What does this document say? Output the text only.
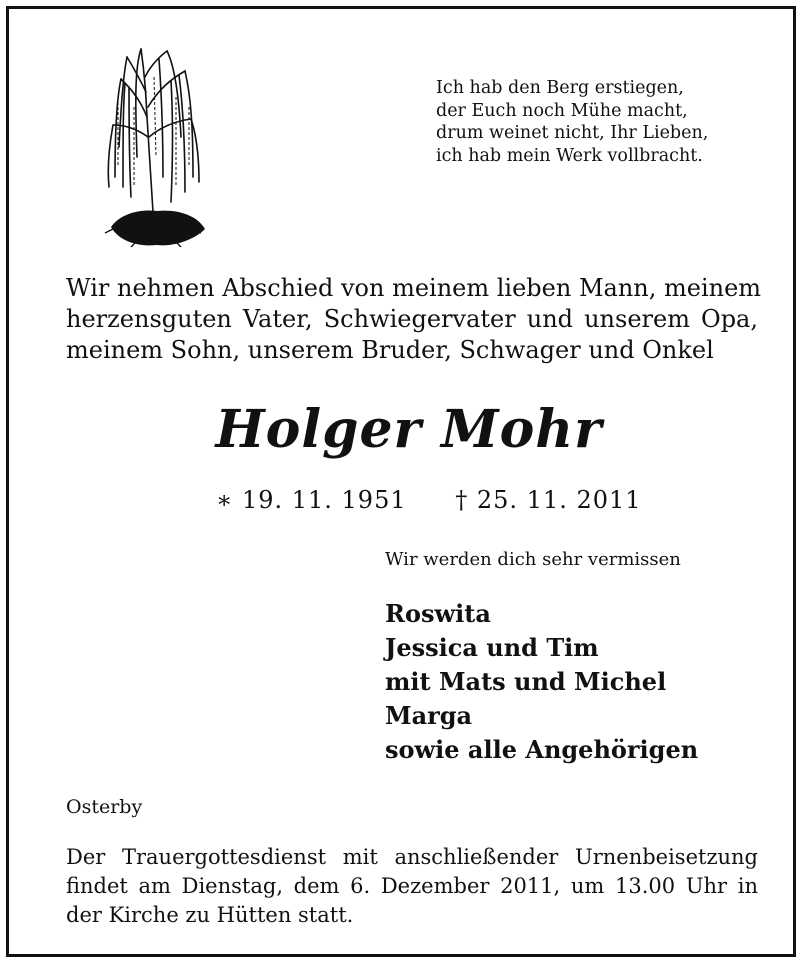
Ich hab den Berg erstiegen,
der Euch noch Mühe macht,
drum weinet nicht, Ihr Lieben,
ich hab mein Werk vollbracht.
Wir nehmen Abschied von meinem lieben Mann, meinem
herzensguten Vater, Schwiegervater und unserem Opa,
meinem Sohn, unserem Bruder, Schwager und Onkel
Holger Mohr
∗ 19. 11. 1951 † 25. 11. 2011
Wir werden dich sehr vermissen
Roswita
Jessica und Tim
mit Mats und Michel
Marga
sowie alle Angehörigen
Osterby
Der Trauergottesdienst mit anschließender Urnenbeisetzung
findet am Dienstag, dem 6. Dezember 2011, um 13.00 Uhr in
der Kirche zu Hütten statt.
